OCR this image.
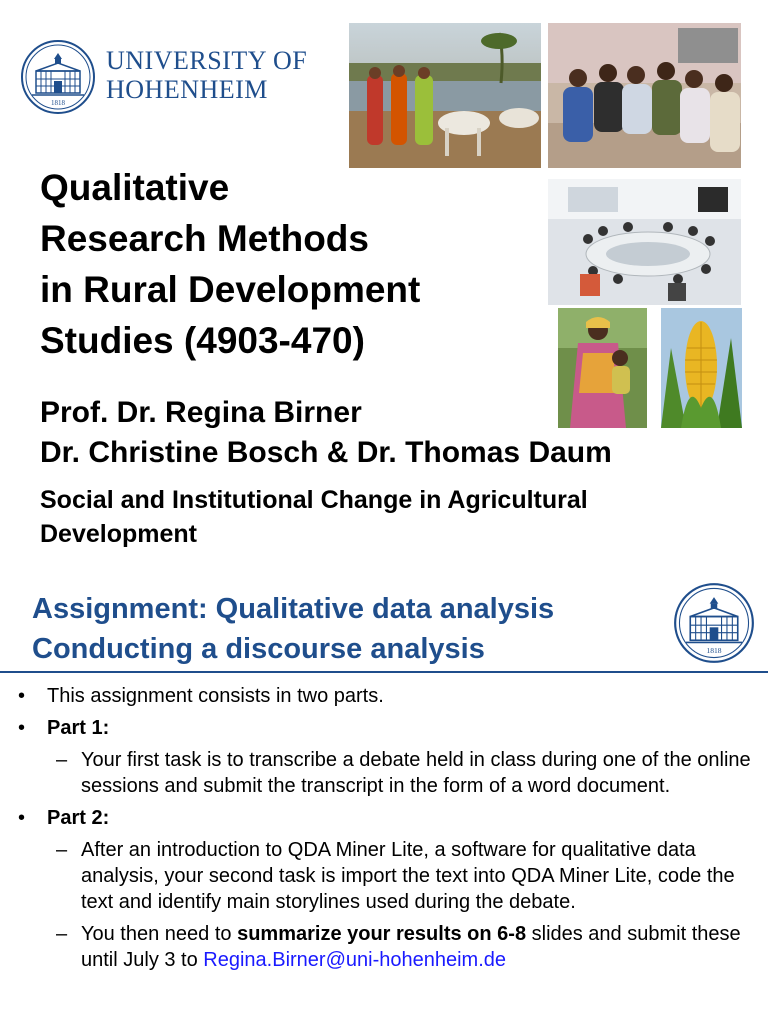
1818
UNIVERSITY OF
HOHENHEIM
Qualitative
Research Methods
in Rural Development
Studies (4903-470)
Prof. Dr. Regina Birner
Dr. Christine Bosch & Dr. Thomas Daum
Social and Institutional Change in Agricultural Development
Assignment: Qualitative data analysis
Conducting a discourse analysis	1818
• This assignment consists in two parts.
• Part 1:
– Your first task is to transcribe a debate held in class during one of the online sessions and submit the transcript in the form of a word document.
• Part 2:
– After an introduction to QDA Miner Lite, a software for qualitative data analysis, your second task is import the text into QDA Miner Lite, code the text and identify main storylines used during the debate.
– You then need to summarize your results on 6-8 slides and submit these until July 3 to Regina.Birner@uni-hohenheim.de
